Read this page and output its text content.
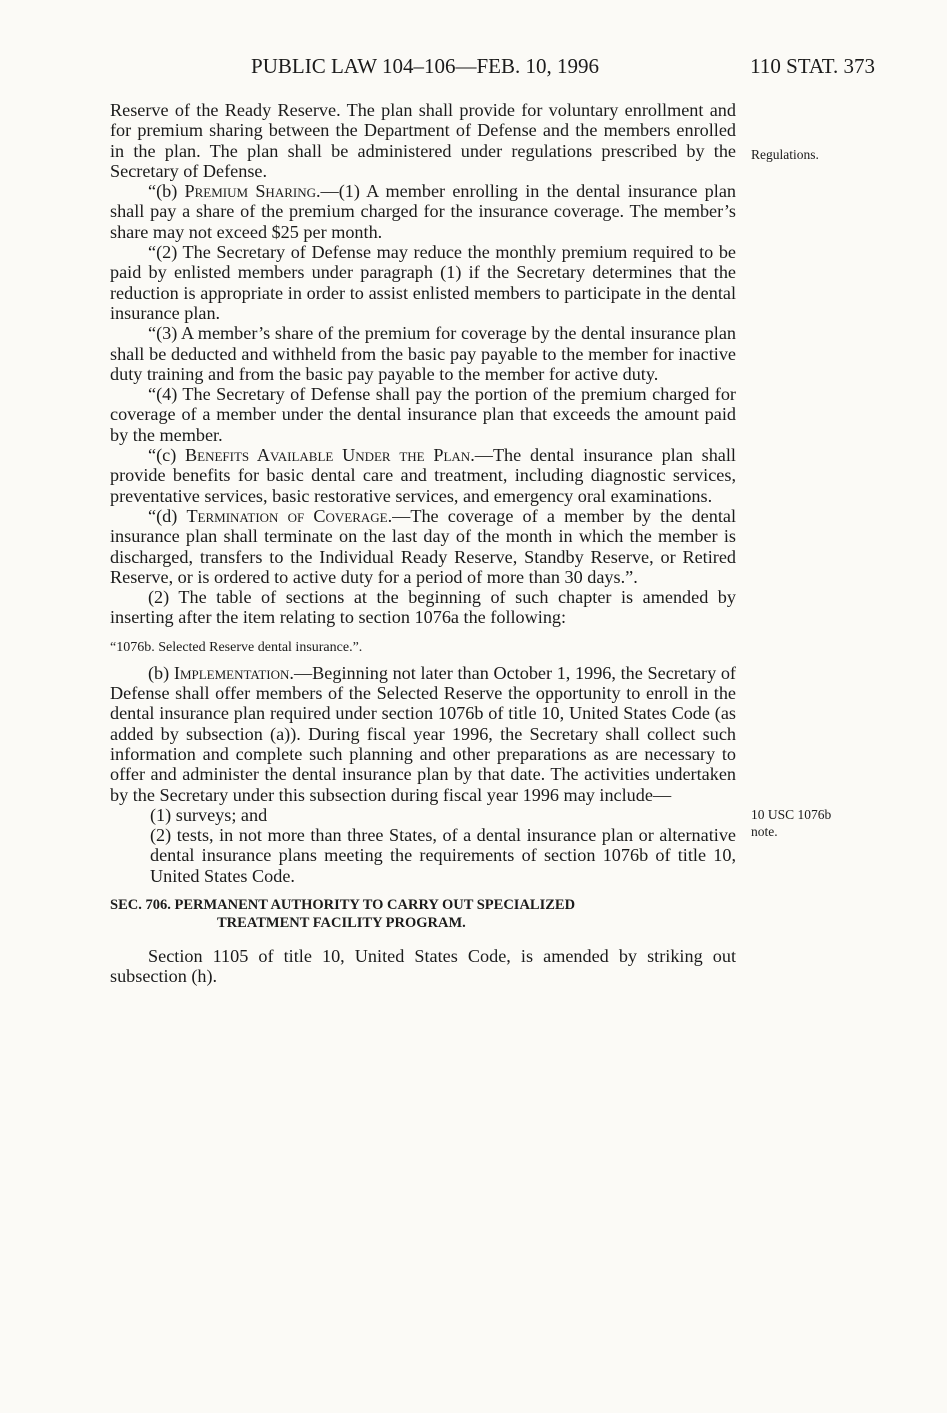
PUBLIC LAW 104–106—FEB. 10, 1996	110 STAT. 373
Regulations.
10 USC 1076b
note.

Reserve of the Ready Reserve. The plan shall provide for voluntary enrollment and for premium sharing between the Department of Defense and the members enrolled in the plan. The plan shall be administered under regulations prescribed by the Secretary of Defense.

“(b) Premium Sharing.—(1) A member enrolling in the dental insurance plan shall pay a share of the premium charged for the insurance coverage. The member’s share may not exceed $25 per month.

“(2) The Secretary of Defense may reduce the monthly premium required to be paid by enlisted members under paragraph (1) if the Secretary determines that the reduction is appropriate in order to assist enlisted members to participate in the dental insurance plan.

“(3) A member’s share of the premium for coverage by the dental insurance plan shall be deducted and withheld from the basic pay payable to the member for inactive duty training and from the basic pay payable to the member for active duty.

“(4) The Secretary of Defense shall pay the portion of the premium charged for coverage of a member under the dental insurance plan that exceeds the amount paid by the member.

“(c) Benefits Available Under the Plan.—The dental insurance plan shall provide benefits for basic dental care and treatment, including diagnostic services, preventative services, basic restorative services, and emergency oral examinations.

“(d) Termination of Coverage.—The coverage of a member by the dental insurance plan shall terminate on the last day of the month in which the member is discharged, transfers to the Individual Ready Reserve, Standby Reserve, or Retired Reserve, or is ordered to active duty for a period of more than 30 days.”.

(2) The table of sections at the beginning of such chapter is amended by inserting after the item relating to section 1076a the following:

“1076b. Selected Reserve dental insurance.”.

(b) Implementation.—Beginning not later than October 1, 1996, the Secretary of Defense shall offer members of the Selected Reserve the opportunity to enroll in the dental insurance plan required under section 1076b of title 10, United States Code (as added by subsection (a)). During fiscal year 1996, the Secretary shall collect such information and complete such planning and other preparations as are necessary to offer and administer the dental insurance plan by that date. The activities undertaken by the Secretary under this subsection during fiscal year 1996 may include—

(1) surveys; and

(2) tests, in not more than three States, of a dental insurance plan or alternative dental insurance plans meeting the requirements of section 1076b of title 10, United States Code.

SEC. 706. PERMANENT AUTHORITY TO CARRY OUT SPECIALIZED
TREATMENT FACILITY PROGRAM.

Section 1105 of title 10, United States Code, is amended by striking out subsection (h).
